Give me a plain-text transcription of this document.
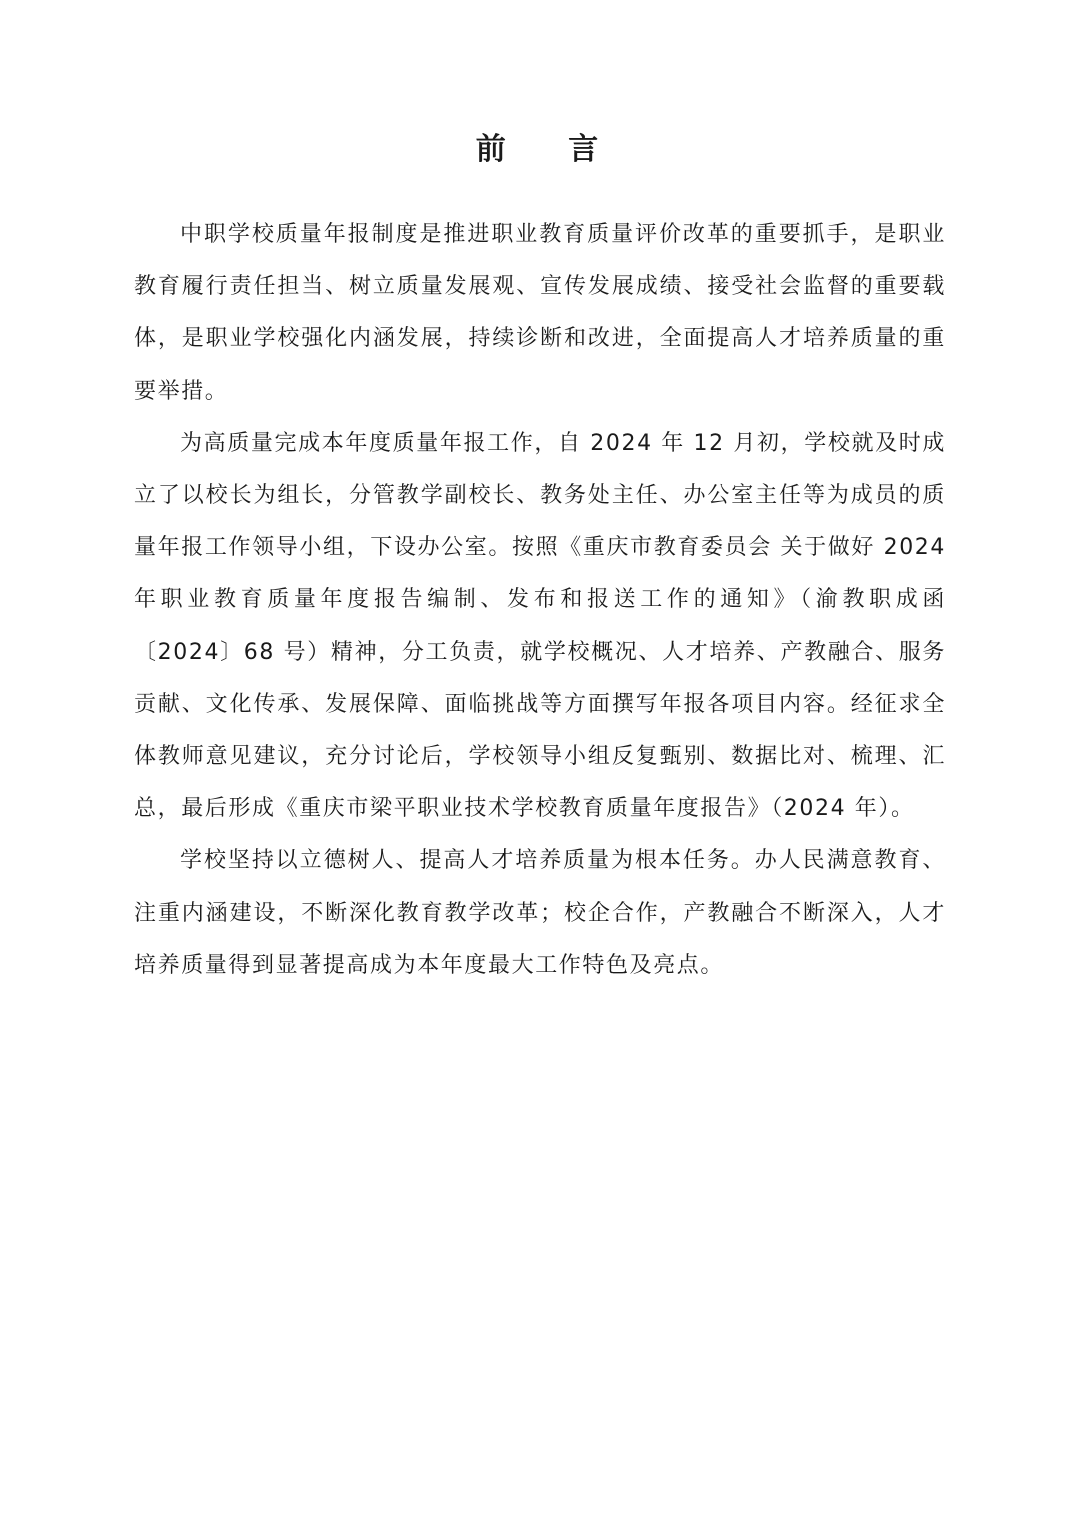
前 言

中职学校质量年报制度是推进职业教育质量评价改革的重要抓手，是职业教育履行责任担当、树立质量发展观、宣传发展成绩、接受社会监督的重要载体，是职业学校强化内涵发展，持续诊断和改进，全面提高人才培养质量的重要举措。

为高质量完成本年度质量年报工作，自 2024 年 12 月初，学校就及时成立了以校长为组长，分管教学副校长、教务处主任、办公室主任等为成员的质量年报工作领导小组，下设办公室。按照《重庆市教育委员会 关于做好 2024 年职业教育质量年度报告编制、发布和报送工作的通知》（渝教职成函〔2024〕68 号）精神，分工负责，就学校概况、人才培养、产教融合、服务贡献、文化传承、发展保障、面临挑战等方面撰写年报各项目内容。经征求全体教师意见建议，充分讨论后，学校领导小组反复甄别、数据比对、梳理、汇总，最后形成《重庆市梁平职业技术学校教育质量年度报告》（2024 年）。

学校坚持以立德树人、提高人才培养质量为根本任务。办人民满意教育、注重内涵建设，不断深化教育教学改革；校企合作，产教融合不断深入，人才培养质量得到显著提高成为本年度最大工作特色及亮点。
